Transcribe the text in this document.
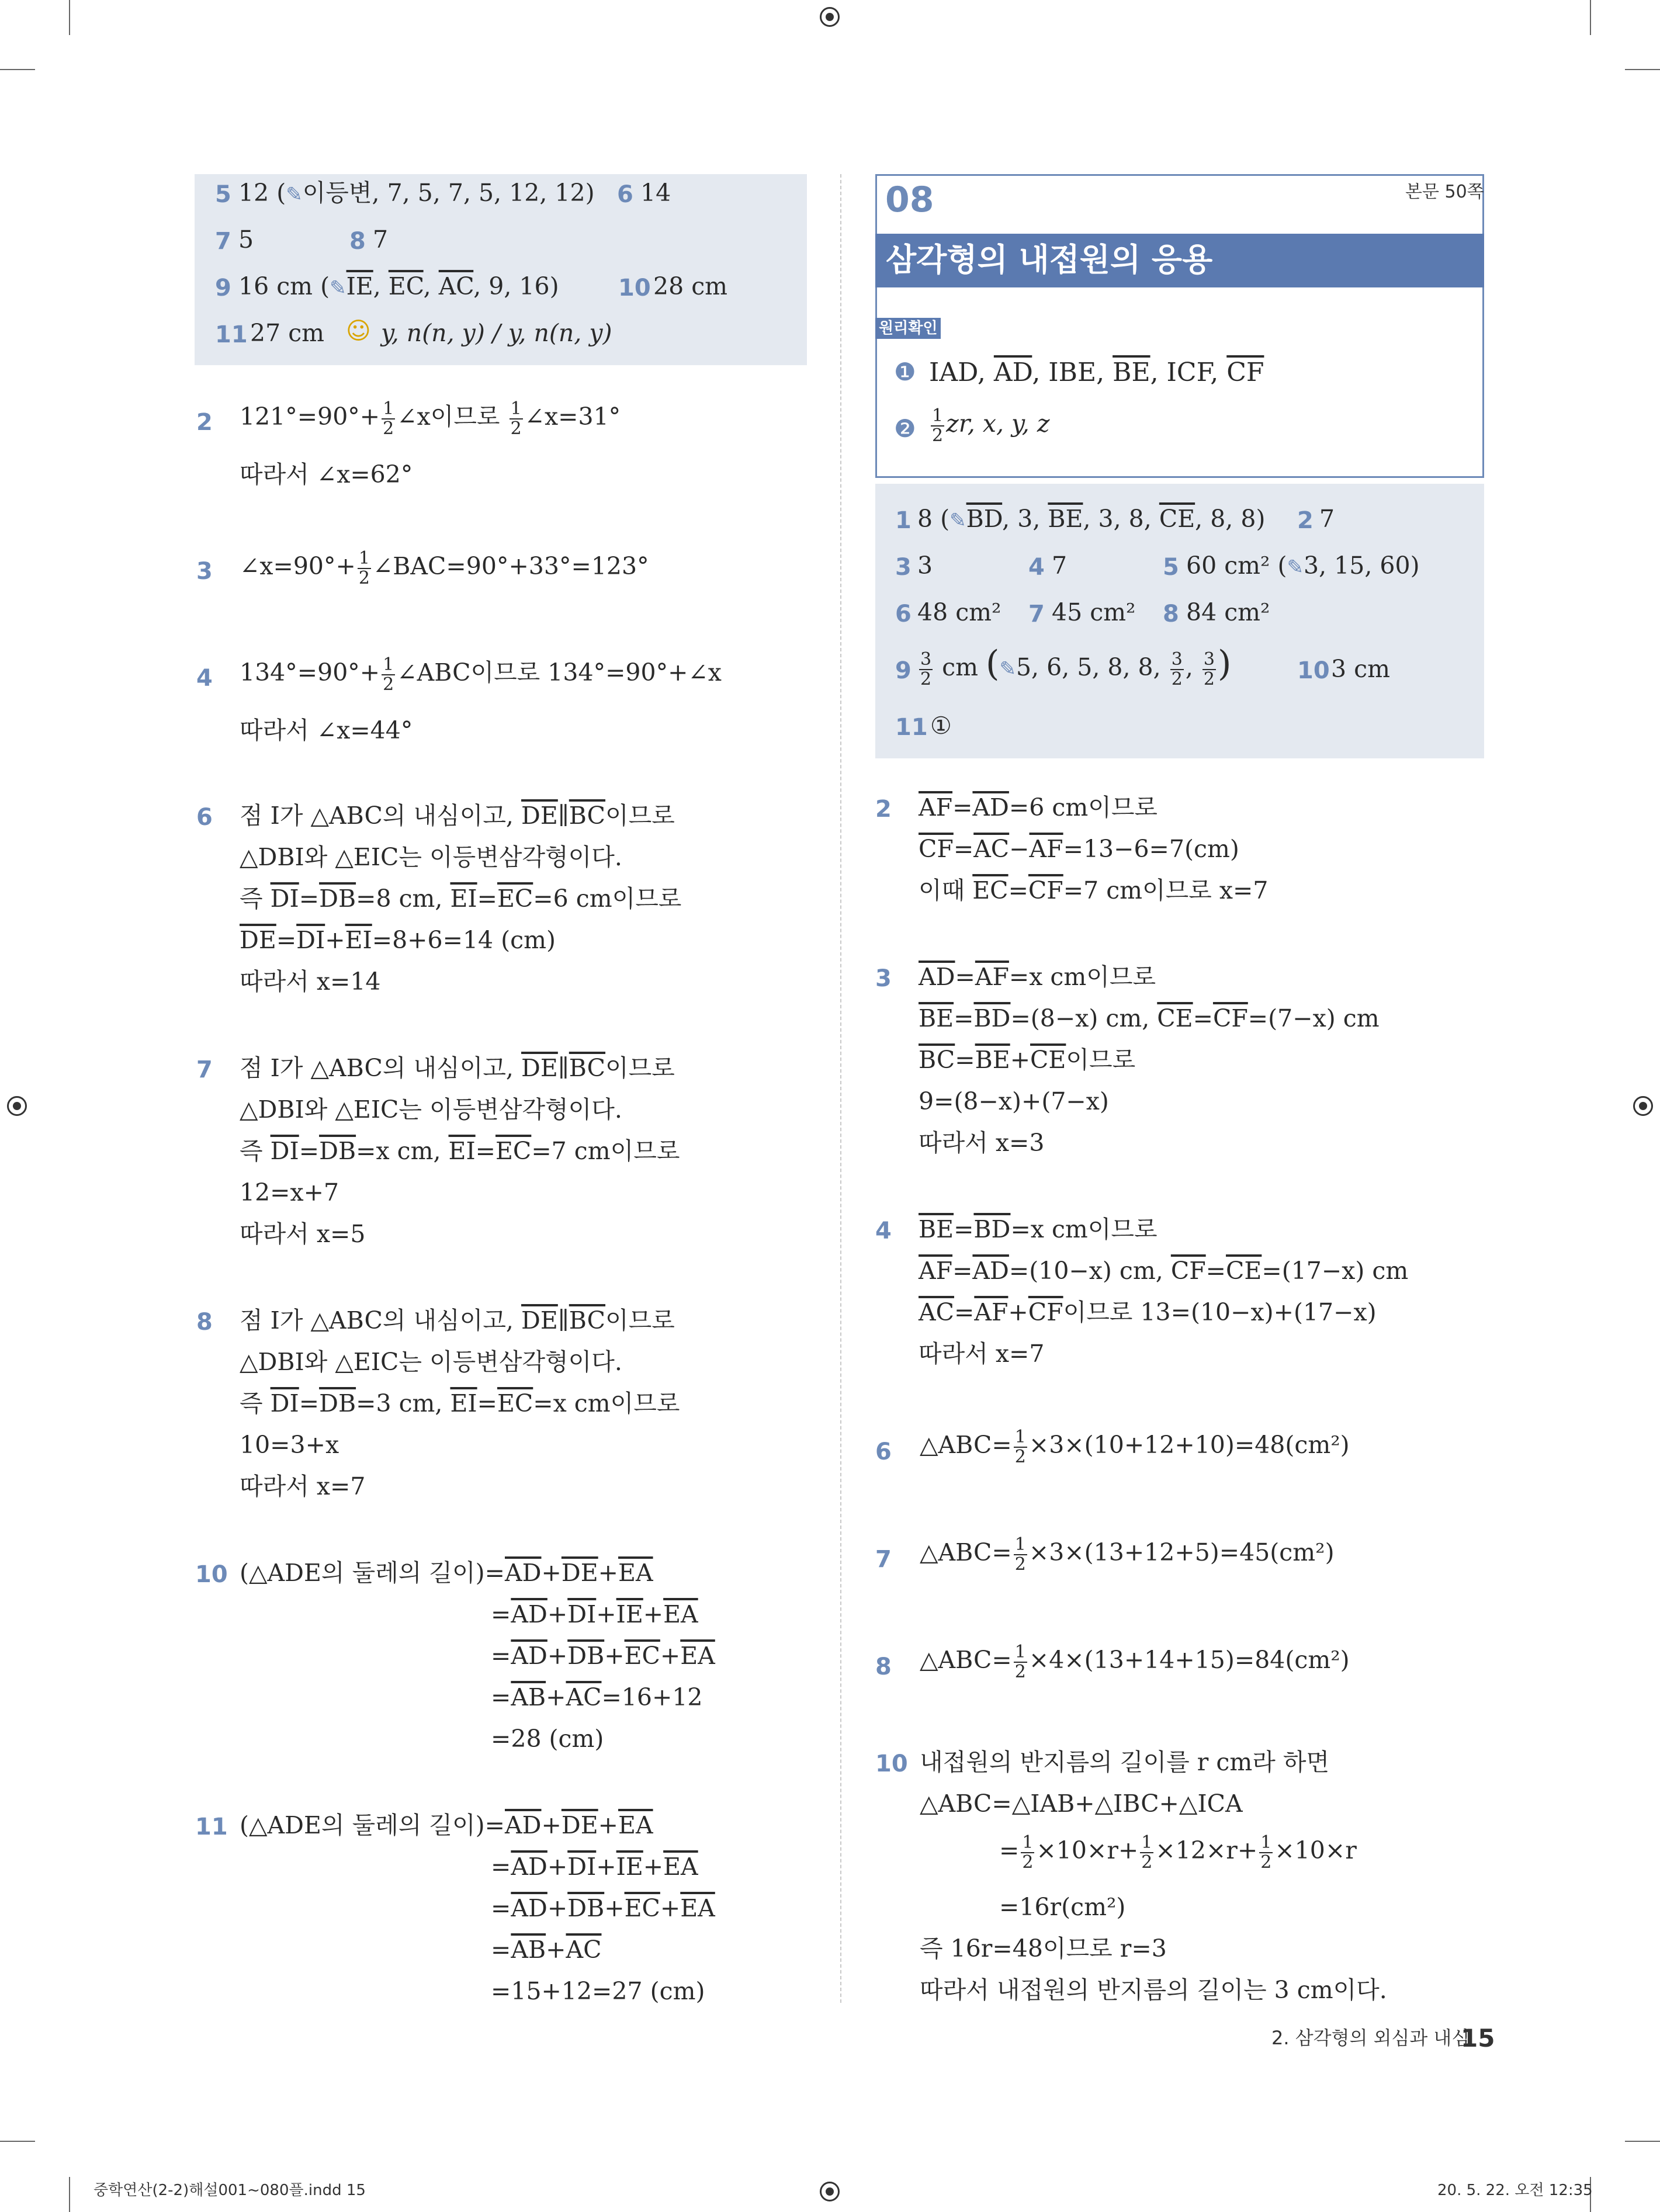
5 12 (✎이등변, 7, 5, 7, 5, 12, 12) 6 14
7 5	8 7
9 16 cm ($✎\overline{IE}$, $\overline{EC}$, $\overline{AC}$, 9, 16)	10 28 cm
11 27 cm ☺ y, n(n, y) / y, n(n, y)
2 $121^\circ=90^\circ+ \frac{1}{2}$ ∠x이므로 $\frac{1}{2}$ ∠x=31°
따라서 ∠x=62°
3 ∠x=90°+ $\frac{1}{2}$ ∠BAC=90°+33°=123°
4 $134^\circ=90^\circ+ \frac{1}{2}$ ∠ABC이므로 134°=90°+∠x
따라서 ∠x=44°
6 점 I가 △ABC의 내심이고, $\overline{DE}\parallel\overline{BC}$이므로
△DBI와 △EIC는 이등변삼각형이다.
즉 $\overline{DI}=\overline{DB}=8$ cm, $\overline{EI}=\overline{EC}=6$ cm이므로
$\overline{DE}=\overline{DI}+\overline{EI}=8+6=14$ (cm)
따라서 x=14
7 점 I가 △ABC의 내심이고, $\overline{DE}\parallel\overline{BC}$이므로
△DBI와 △EIC는 이등변삼각형이다.
즉 $\overline{DI}=\overline{DB}=x$ cm, $\overline{EI}=\overline{EC}=7$ cm이므로
12=x+7
따라서 x=5
8 점 I가 △ABC의 내심이고, $\overline{DE}\parallel\overline{BC}$이므로
△DBI와 △EIC는 이등변삼각형이다.
즉 $\overline{DI}=\overline{DB}=3$ cm, $\overline{EI}=\overline{EC}=x$ cm이므로
10=3+x
따라서 x=7
10 (△ADE의 둘레의 길이)$=\overline{AD}+\overline{DE}+\overline{EA}$
$=\overline{AD}+\overline{DI}+\overline{IE}+\overline{EA}$
$=\overline{AD}+\overline{DB}+\overline{EC}+\overline{EA}$
$=\overline{AB}+\overline{AC}=16+12$
=28 (cm)
11 (△ADE의 둘레의 길이)$=\overline{AD}+\overline{DE}+\overline{EA}$
$=\overline{AD}+\overline{DI}+\overline{IE}+\overline{EA}$
$=\overline{AD}+\overline{DB}+\overline{EC}+\overline{EA}$
$=\overline{AB}+\overline{AC}$
=15+12=27 (cm)
08	본문 50쪽
삼각형의 내접원의 응용
원리확인
❶ IAD, $\overline{AD}$, IBE, $\overline{BE}$, ICF, $\overline{CF}$
❷ $\frac{1}{2}$ zr, x, y, z
1 8 ($✎\overline{BD}$, 3, $\overline{BE}$, 3, 8, $\overline{CE}$, 8, 8) 2 7
3 3	4 7	5 60 cm² (✎3, 15, 60)
6 48 cm² 7 45 cm² 8 84 cm²
$9 \frac{3}{2}$ cm (✎5, 6, 5, 8, 8, $\frac{3}{2}$ , $\frac{3}{2}$ )	10 3 cm
11 ①
2 $\overline{AF}=\overline{AD}=6$ cm이므로
$\overline{CF}=\overline{AC}-\overline{AF}=13-6=7(cm)$
이때 $\overline{EC}=\overline{CF}=7$ cm이므로 x=7
3 $\overline{AD}=\overline{AF}=x$ cm이므로
$\overline{BE}=\overline{BD}=(8-x)$ cm, $\overline{CE}=\overline{CF}=(7-x)$ cm
$\overline{BC}=\overline{BE}+\overline{CE}$이므로
9=(8−x)+(7−x)
따라서 x=3
4 $\overline{BE}=\overline{BD}=x$ cm이므로
$\overline{AF}=\overline{AD}=(10-x)$ cm, $\overline{CF}=\overline{CE}=(17-x)$ cm
$\overline{AC}=\overline{AF}+\overline{CF}$이므로 13=(10−x)+(17−x)
따라서 x=7
6 △ABC= $\frac{1}{2} \times 3\times(10+12+10)=48(cm^2)$
7 △ABC= $\frac{1}{2} \times 3\times(13+12+5)=45(cm^2)$
8 △ABC= $\frac{1}{2} \times 4\times(13+14+15)=84(cm^2)$
10 내접원의 반지름의 길이를 r cm라 하면
△ABC=△IAB+△IBC+△ICA
= $\frac{1}{2} \times 10\times r+ \frac{1}{2} \times 12\times r+ \frac{1}{2} \times 10\times r$
=16r(cm²)
즉 16r=48이므로 r=3
따라서 내접원의 반지름의 길이는 3 cm이다.
2. 삼각형의 외심과 내심
15
중학연산(2-2)해설001~080플.indd 15	20. 5. 22. 오전 12:35
